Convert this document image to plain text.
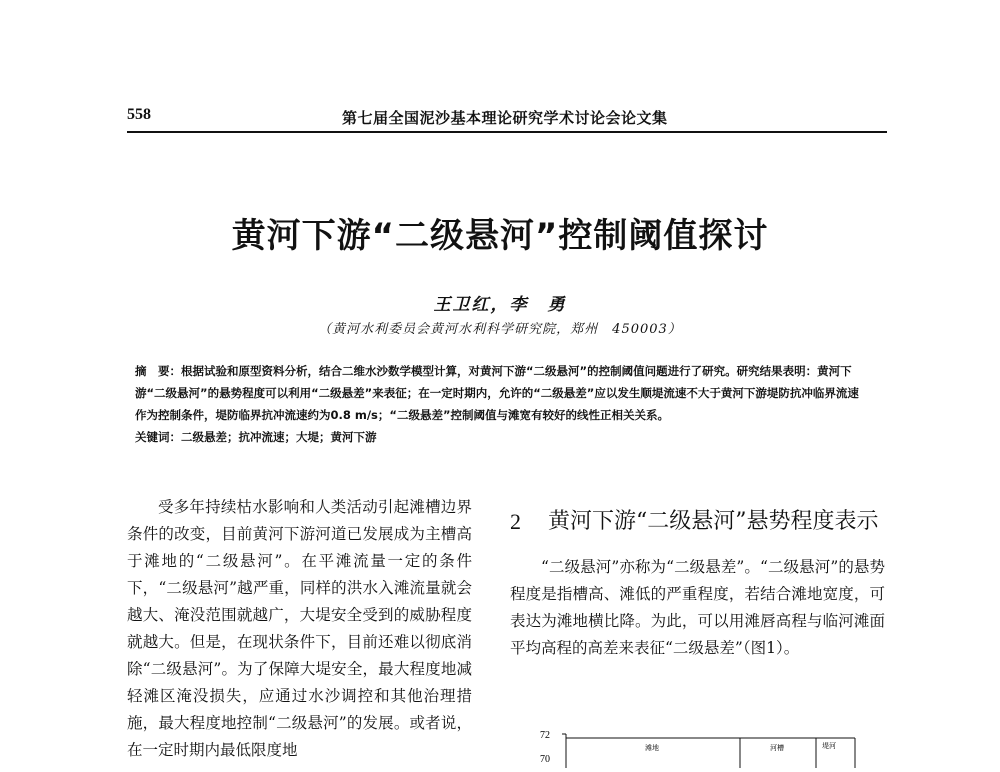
558	第七届全国泥沙基本理论研究学术讨论会论文集
黄河下游“二级悬河”控制阈值探讨
王卫红，李　勇
（黄河水利委员会黄河水利科学研究院，郑州　450003）

摘　要：根据试验和原型资料分析，结合二维水沙数学模型计算，对黄河下游“二级悬河”的控制阈值问题进行了研究。研究结果表明：黄河下游“二级悬河”的悬势程度可以利用“二级悬差”来表征；在一定时期内，允许的“二级悬差”应以发生顺堤流速不大于黄河下游堤防抗冲临界流速作为控制条件，堤防临界抗冲流速约为0.8 m/s；“二级悬差”控制阈值与滩宽有较好的线性正相关关系。

关键词：二级悬差；抗冲流速；大堤；黄河下游

受多年持续枯水影响和人类活动引起滩槽边界条件的改变，目前黄河下游河道已发展成为主槽高于滩地的“二级悬河”。在平滩流量一定的条件下，“二级悬河”越严重，同样的洪水入滩流量就会越大、淹没范围就越广，大堤安全受到的威胁程度就越大。但是，在现状条件下，目前还难以彻底消除“二级悬河”。为了保障大堤安全，最大程度地减轻滩区淹没损失，应通过水沙调控和其他治理措施，最大程度地控制“二级悬河”的发展。或者说，在一定时期内最低限度地

2	黄河下游“二级悬河”悬势程度表示

“二级悬河”亦称为“二级悬差”。“二级悬河”的悬势程度是指槽高、滩低的严重程度，若结合滩地宽度，可表达为滩地横比降。为此，可以用滩唇高程与临河滩面平均高程的高差来表征“二级悬差”（图1）。

72
70
滩地	河槽	堤河
